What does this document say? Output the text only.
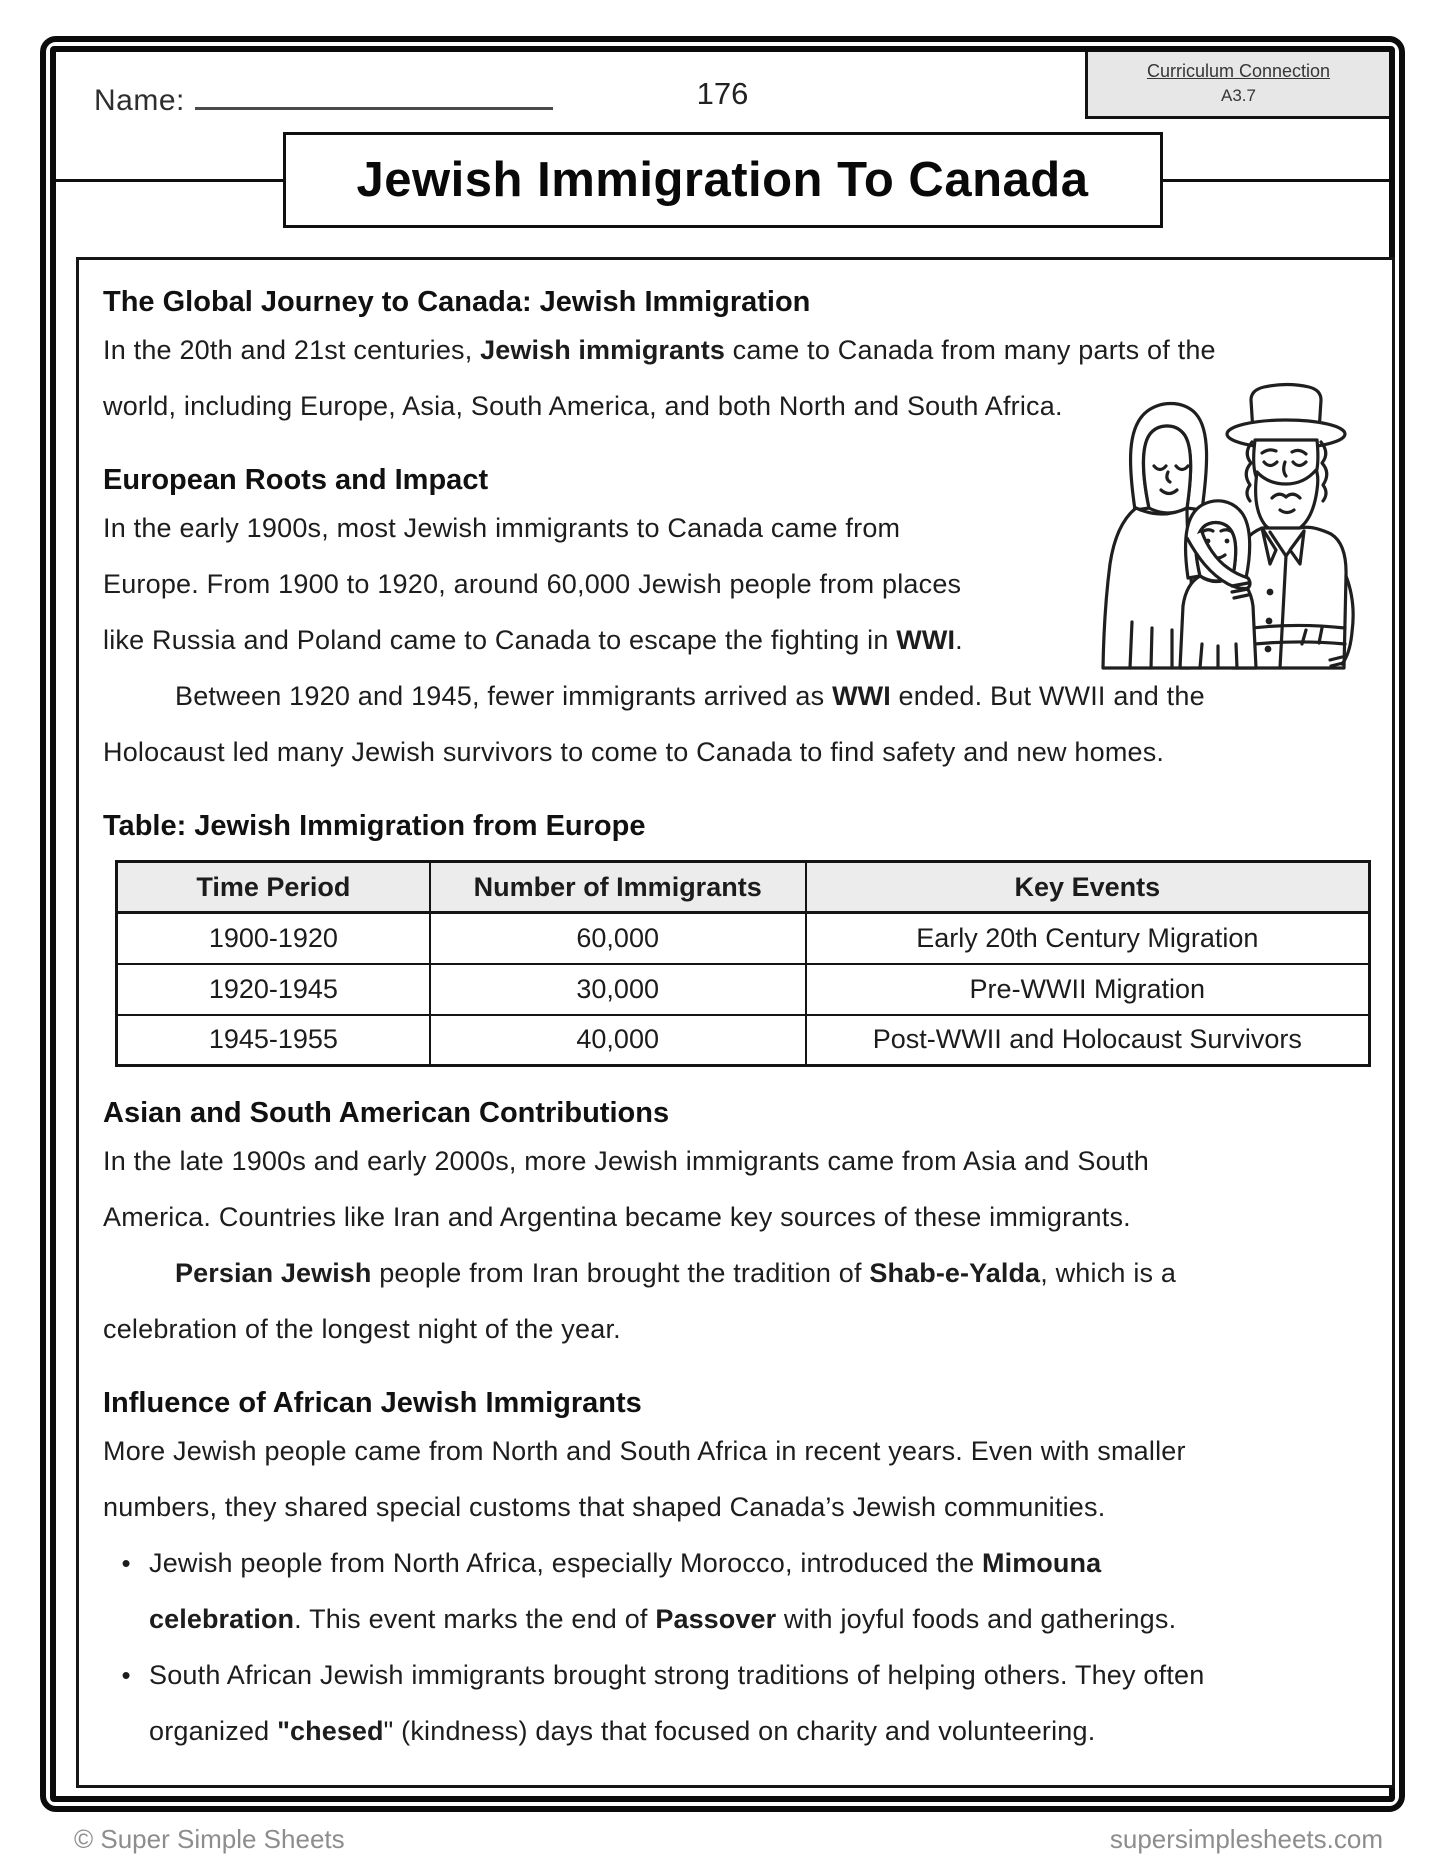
Name:	176
Curriculum Connection
A3.7
Jewish Immigration To Canada
The Global Journey to Canada: Jewish Immigration
In the 20th and 21st centuries, Jewish immigrants came to Canada from many parts of the
world, including Europe, Asia, South America, and both North and South Africa.
European Roots and Impact
In the early 1900s, most Jewish immigrants to Canada came from
Europe. From 1900 to 1920, around 60,000 Jewish people from places
like Russia and Poland came to Canada to escape the fighting in WWI.
Between 1920 and 1945, fewer immigrants arrived as WWI ended. But WWII and the
Holocaust led many Jewish survivors to come to Canada to find safety and new homes.
Table: Jewish Immigration from Europe
Time Period	Number of Immigrants	Key Events
1900-1920	60,000	Early 20th Century Migration
1920-1945	30,000	Pre-WWII Migration
1945-1955	40,000	Post-WWII and Holocaust Survivors
Asian and South American Contributions
In the late 1900s and early 2000s, more Jewish immigrants came from Asia and South
America. Countries like Iran and Argentina became key sources of these immigrants.
Persian Jewish people from Iran brought the tradition of Shab-e-Yalda, which is a
celebration of the longest night of the year.
Influence of African Jewish Immigrants
More Jewish people came from North and South Africa in recent years. Even with smaller
numbers, they shared special customs that shaped Canada’s Jewish communities.
• Jewish people from North Africa, especially Morocco, introduced the Mimouna
celebration. This event marks the end of Passover with joyful foods and gatherings.
• South African Jewish immigrants brought strong traditions of helping others. They often
organized "chesed" (kindness) days that focused on charity and volunteering.
© Super Simple Sheets	supersimplesheets.com
